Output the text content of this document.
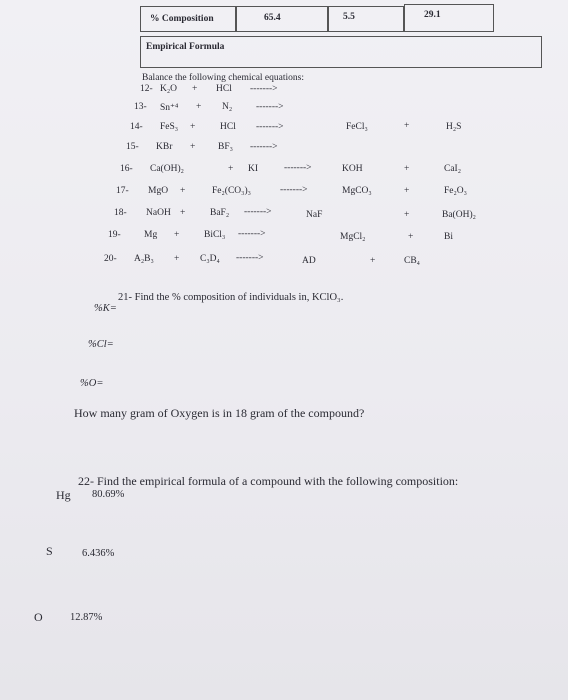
% Composition	65.4	5.5	29.1
Empirical Formula
Balance the following chemical equations:
12- K₂O + HCl ------->
13- Sn⁺⁴ + N₂	------->
14- FeS₃ +	HCl ------->	FeCl₃	+	H₂S
15- KBr + BF₃ ------->
16- Ca(OH)₂	+ KI	------->	KOH	+	CaI₂
17- MgO +	Fe₂(CO₃)₃	------->	MgCO₃	+	Fe₂O₃
18- NaOH +	BaF₂ ------->	NaF	+	Ba(OH)₂
19- Mg +	BiCl₃ ------->	MgCl₂	+	Bi
20- A₂B₃ + C₃D₄ ------->	AD	+	CB₄
21- Find the % composition of individuals in, KClO₃.
%K=
%Cl=
%O=
How many gram of Oxygen is in 18 gram of the compound?
22- Find the empirical formula of a compound with the following composition:
Hg 80.69%
S	6.436%
O	12.87%
